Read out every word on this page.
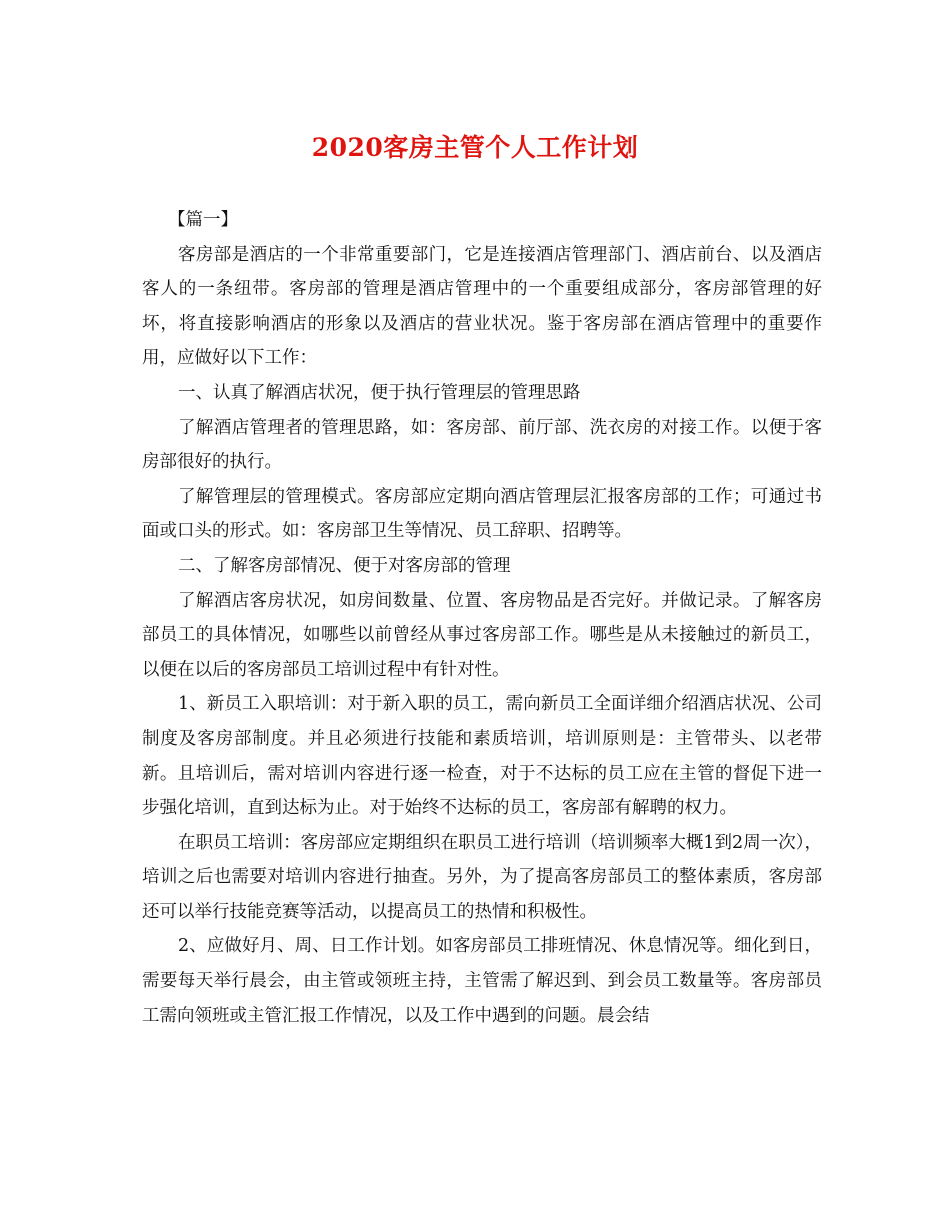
2020客房主管个人工作计划

【篇一】

客房部是酒店的一个非常重要部门，它是连接酒店管理部门、酒店前台、以及酒店客人的一条纽带。客房部的管理是酒店管理中的一个重要组成部分，客房部管理的好坏，将直接影响酒店的形象以及酒店的营业状况。鉴于客房部在酒店管理中的重要作用，应做好以下工作：

一、认真了解酒店状况，便于执行管理层的管理思路

了解酒店管理者的管理思路，如：客房部、前厅部、洗衣房的对接工作。以便于客房部很好的执行。

了解管理层的管理模式。客房部应定期向酒店管理层汇报客房部的工作；可通过书面或口头的形式。如：客房部卫生等情况、员工辞职、招聘等。

二、了解客房部情况、便于对客房部的管理

了解酒店客房状况，如房间数量、位置、客房物品是否完好。并做记录。了解客房部员工的具体情况，如哪些以前曾经从事过客房部工作。哪些是从未接触过的新员工，以便在以后的客房部员工培训过程中有针对性。

1、新员工入职培训：对于新入职的员工，需向新员工全面详细介绍酒店状况、公司制度及客房部制度。并且必须进行技能和素质培训，培训原则是：主管带头、以老带新。且培训后，需对培训内容进行逐一检查，对于不达标的员工应在主管的督促下进一步强化培训，直到达标为止。对于始终不达标的员工，客房部有解聘的权力。

在职员工培训：客房部应定期组织在职员工进行培训（培训频率大概1到2周一次），培训之后也需要对培训内容进行抽查。另外，为了提高客房部员工的整体素质，客房部还可以举行技能竞赛等活动，以提高员工的热情和积极性。

2、应做好月、周、日工作计划。如客房部员工排班情况、休息情况等。细化到日，需要每天举行晨会，由主管或领班主持，主管需了解迟到、到会员工数量等。客房部员工需向领班或主管汇报工作情况，以及工作中遇到的问题。晨会结
